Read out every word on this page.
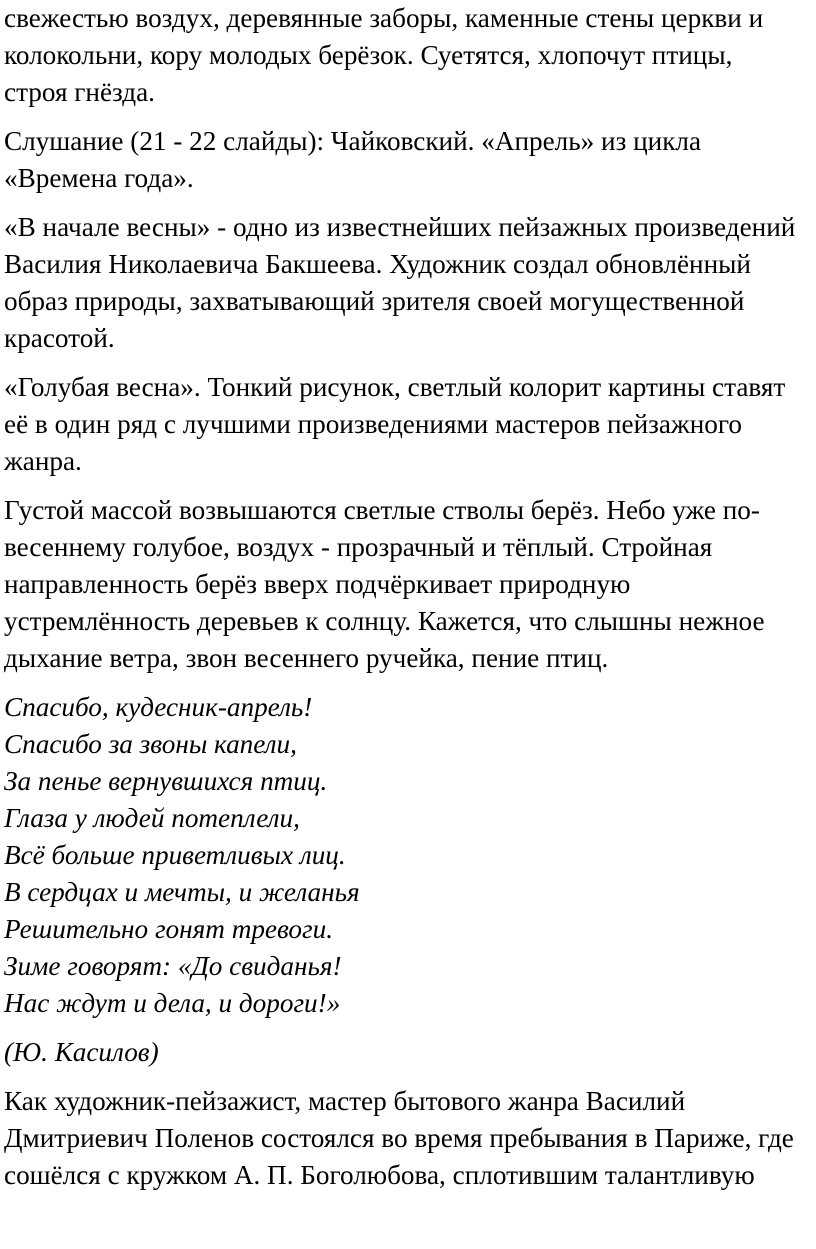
свежестью воздух, деревянные заборы, каменные стены церкви и
колокольни, кору молодых берёзок. Суетятся, хлопочут птицы,
строя гнёзда.

Слушание (21 - 22 слайды): Чайковский. «Апрель» из цикла
«Времена года».

«В начале весны» - одно из известнейших пейзажных произведений
Василия Николаевича Бакшеева. Художник создал обновлённый
образ природы, захватывающий зрителя своей могущественной
красотой.

«Голубая весна». Тонкий рисунок, светлый колорит картины ставят
её в один ряд с лучшими произведениями мастеров пейзажного
жанра.

Густой массой возвышаются светлые стволы берёз. Небо уже по-
весеннему голубое, воздух - прозрачный и тёплый. Стройная
направленность берёз вверх подчёркивает природную
устремлённость деревьев к солнцу. Кажется, что слышны нежное
дыхание ветра, звон весеннего ручейка, пение птиц.

Спасибо, кудесник-апрель!
Спасибо за звоны капели,
За пенье вернувшихся птиц.
Глаза у людей потеплели,
Всё больше приветливых лиц.
В сердцах и мечты, и желанья
Решительно гонят тревоги.
Зиме говорят: «До свиданья!
Нас ждут и дела, и дороги!»

(Ю. Касилов)

Как художник-пейзажист, мастер бытового жанра Василий
Дмитриевич Поленов состоялся во время пребывания в Париже, где
сошёлся с кружком А. П. Боголюбова, сплотившим талантливую
